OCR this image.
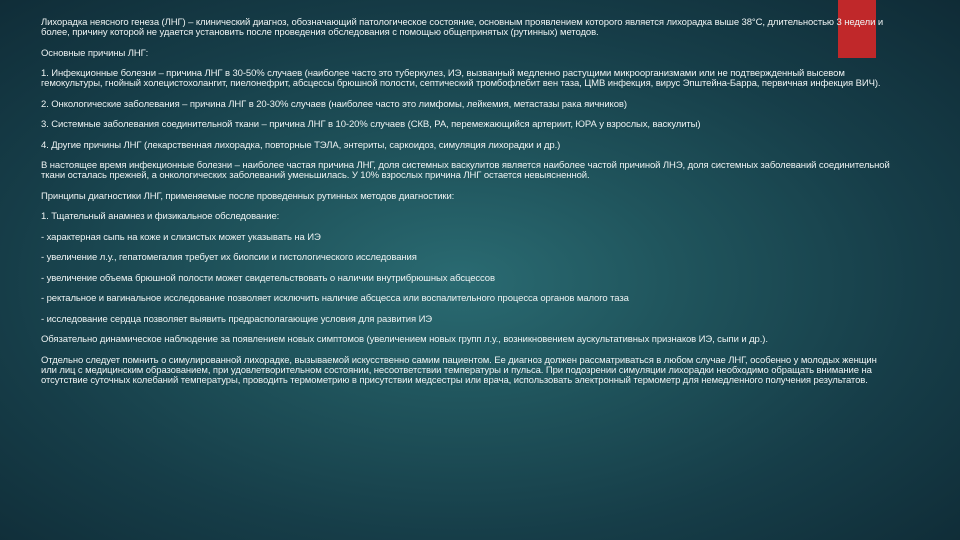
Лихорадка неясного генеза (ЛНГ) – клинический диагноз, обозначающий патологическое состояние, основным проявлением которого является лихорадка выше 38°С, длительностью 3 недели и более, причину которой не удается установить после проведения обследования с помощью общепринятых (рутинных) методов.

Основные причины ЛНГ:

1. Инфекционные болезни – причина ЛНГ в 30-50% случаев (наиболее часто это туберкулез, ИЭ, вызванный медленно растущими микроорганизмами или не подтвержденный высевом гемокультуры, гнойный холецистохолангит, пиелонефрит, абсцессы брюшной полости, септический тромбофлебит вен таза, ЦМВ инфекция, вирус Эпштейна-Барра, первичная инфекция ВИЧ).

2. Онкологические заболевания – причина ЛНГ в 20-30% случаев (наиболее часто это лимфомы, лейкемия, метастазы рака яичников)

3. Системные заболевания соединительной ткани – причина ЛНГ в 10-20% случаев (СКВ, РА, перемежающийся артериит, ЮРА у взрослых, васкулиты)

4. Другие причины ЛНГ (лекарственная лихорадка, повторные ТЭЛА, энтериты, саркоидоз, симуляция лихорадки и др.)

В настоящее время инфекционные болезни – наиболее частая причина ЛНГ, доля системных васкулитов является наиболее частой причиной ЛНЭ, доля системных заболеваний соединительной ткани осталась прежней, а онкологических заболеваний уменьшилась. У 10% взрослых причина ЛНГ остается невыясненной.

Принципы диагностики ЛНГ, применяемые после проведенных рутинных методов диагностики:

1. Тщательный анамнез и физикальное обследование:

- характерная сыпь на коже и слизистых может указывать на ИЭ

- увеличение л.у., гепатомегалия требует их биопсии и гистологического исследования

- увеличение объема брюшной полости может свидетельствовать о наличии внутрибрюшных абсцессов

- ректальное и вагинальное исследование позволяет исключить наличие абсцесса или воспалительного процесса органов малого таза

- исследование сердца позволяет выявить предрасполагающие условия для развития ИЭ

Обязательно динамическое наблюдение за появлением новых симптомов (увеличением новых групп л.у., возникновением аускультативных признаков ИЭ, сыпи и др.).

Отдельно следует помнить о симулированной лихорадке, вызываемой искусственно самим пациентом. Ее диагноз должен рассматриваться в любом случае ЛНГ, особенно у молодых женщин или лиц с медицинским образованием, при удовлетворительном состоянии, несоответствии температуры и пульса. При подозрении симуляции лихорадки необходимо обращать внимание на отсутствие суточных колебаний температуры, проводить термометрию в присутствии медсестры или врача, использовать электронный термометр для немедленного получения результатов.
